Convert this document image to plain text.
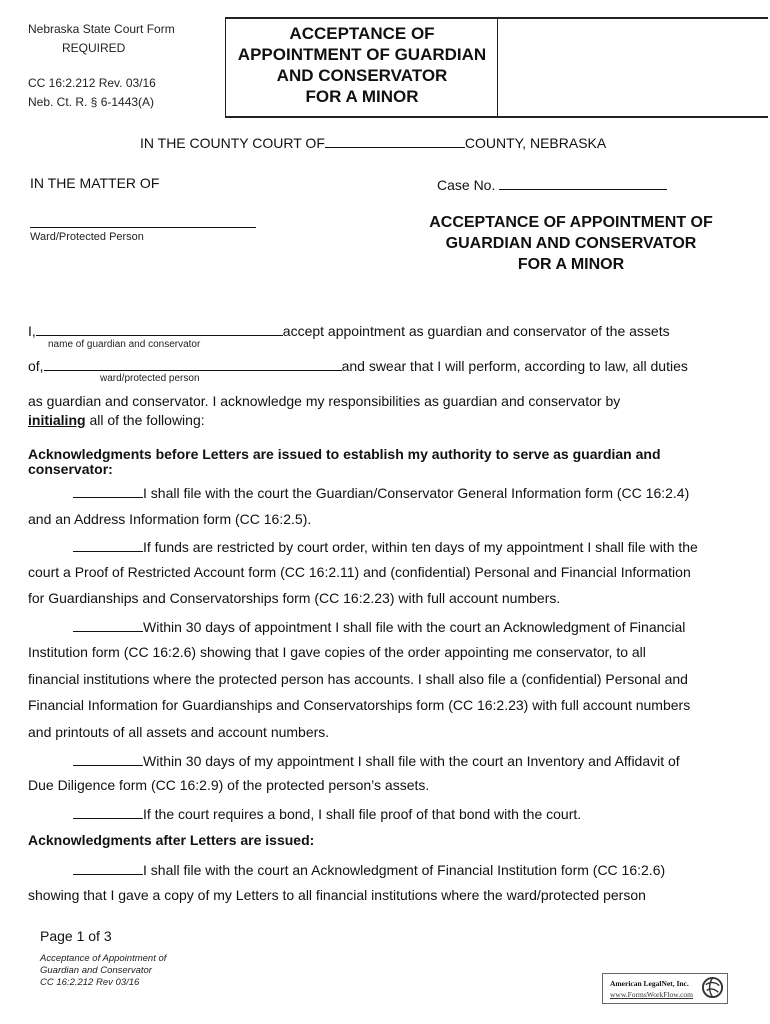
Nebraska State Court Form
REQUIRED
CC 16:2.212 Rev. 03/16
Neb. Ct. R. § 6-1443(A)
ACCEPTANCE OF
APPOINTMENT OF GUARDIAN
AND CONSERVATOR
FOR A MINOR
IN THE COUNTY COURT OF	COUNTY, NEBRASKA
IN THE MATTER OF	Case No.
Ward/Protected Person
ACCEPTANCE OF APPOINTMENT OF
GUARDIAN AND CONSERVATOR
FOR A MINOR
I,	accept appointment as guardian and conservator of the assets
name of guardian and conservator
of,	and swear that I will perform, according to law, all duties
ward/protected person
as guardian and conservator. I acknowledge my responsibilities as guardian and conservator by
initialing all of the following:
Acknowledgments before Letters are issued to establish my authority to serve as guardian and
conservator:
I shall file with the court the Guardian/Conservator General Information form (CC 16:2.4)
and an Address Information form (CC 16:2.5).
If funds are restricted by court order, within ten days of my appointment I shall file with the
court a Proof of Restricted Account form (CC 16:2.11) and (confidential) Personal and Financial Information
for Guardianships and Conservatorships form (CC 16:2.23) with full account numbers.
Within 30 days of appointment I shall file with the court an Acknowledgment of Financial
Institution form (CC 16:2.6) showing that I gave copies of the order appointing me conservator, to all
financial institutions where the protected person has accounts. I shall also file a (confidential) Personal and
Financial Information for Guardianships and Conservatorships form (CC 16:2.23) with full account numbers
and printouts of all assets and account numbers.
Within 30 days of my appointment I shall file with the court an Inventory and Affidavit of
Due Diligence form (CC 16:2.9) of the protected person’s assets.
If the court requires a bond, I shall file proof of that bond with the court.
Acknowledgments after Letters are issued:
I shall file with the court an Acknowledgment of Financial Institution form (CC 16:2.6)
showing that I gave a copy of my Letters to all financial institutions where the ward/protected person
Page 1 of 3
Acceptance of Appointment of
Guardian and Conservator
CC 16:2.212 Rev 03/16	American LegalNet, Inc.
www.FormsWorkFlow.com
